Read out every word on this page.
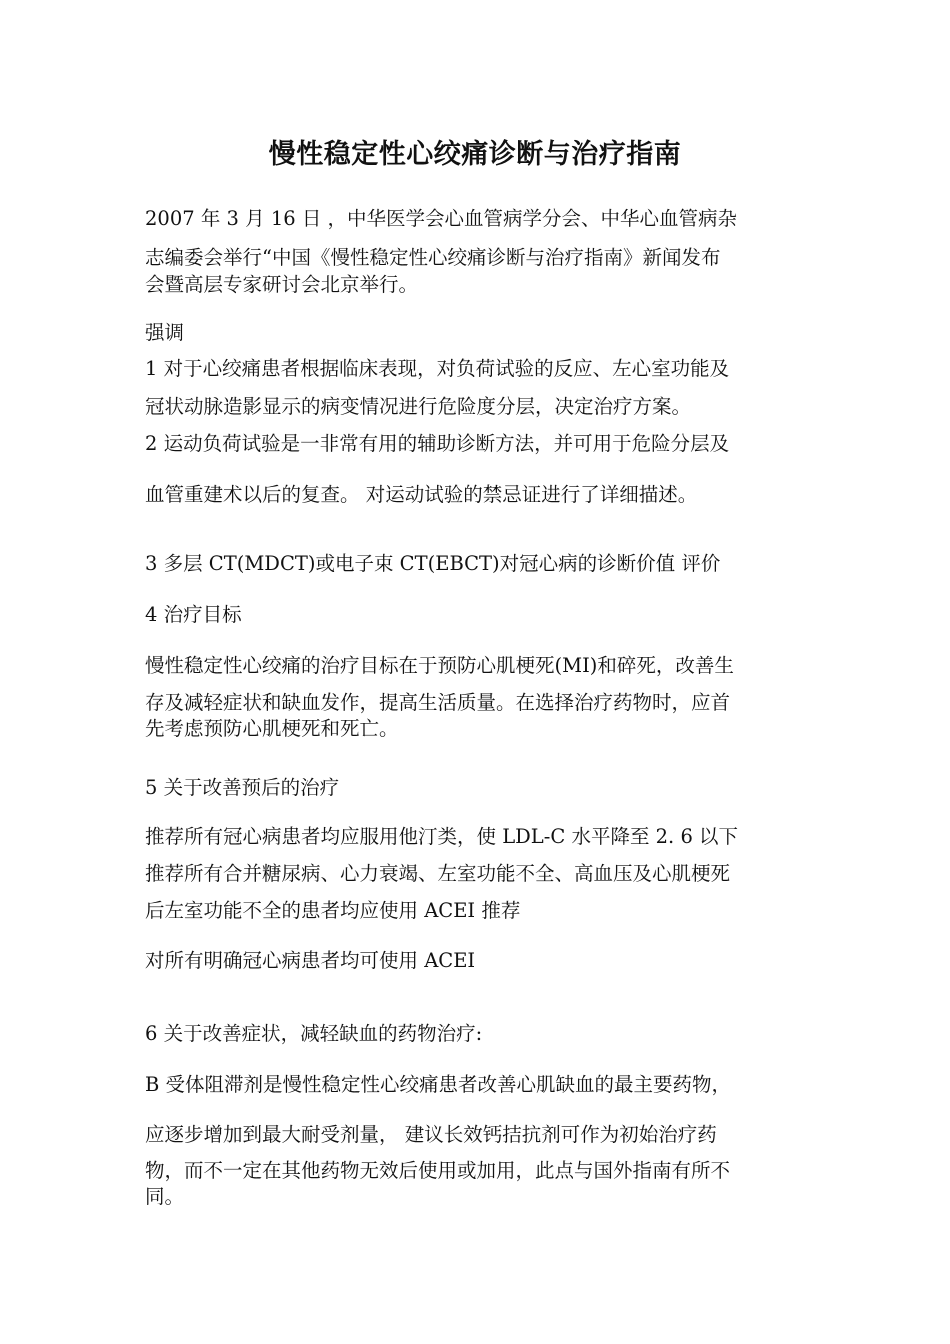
慢性稳定性心绞痛诊断与治疗指南

2007 年 3 月 16 日 ，中华医学会心血管病学分会、中华心血管病杂

志编委会举行“中国《慢性稳定性心绞痛诊断与治疗指南》新闻发布

会暨高层专家研讨会北京举行。

强调

1 对于心绞痛患者根据临床表现，对负荷试验的反应、左心室功能及

冠状动脉造影显示的病变情况进行危险度分层，决定治疗方案。

2 运动负荷试验是一非常有用的辅助诊断方法，并可用于危险分层及

血管重建术以后的复查。 对运动试验的禁忌证进行了详细描述。

3 多层 CT(MDCT)或电子束 CT(EBCT)对冠心病的诊断价值 评价

4 治疗目标

慢性稳定性心绞痛的治疗目标在于预防心肌梗死(MI)和碎死，改善生

存及减轻症状和缺血发作，提高生活质量。在选择治疗药物时，应首

先考虑预防心肌梗死和死亡。

5 关于改善预后的治疗

推荐所有冠心病患者均应服用他汀类，使 LDL-C 水平降至 2. 6 以下

推荐所有合并糖尿病、心力衰竭、左室功能不全、高血压及心肌梗死

后左室功能不全的患者均应使用 ACEI 推荐

对所有明确冠心病患者均可使用 ACEI

6 关于改善症状，减轻缺血的药物治疗:

B 受体阻滞剂是慢性稳定性心绞痛患者改善心肌缺血的最主要药物，

应逐步增加到最大耐受剂量， 建议长效钙拮抗剂可作为初始治疗药

物，而不一定在其他药物无效后使用或加用，此点与国外指南有所不

同。
